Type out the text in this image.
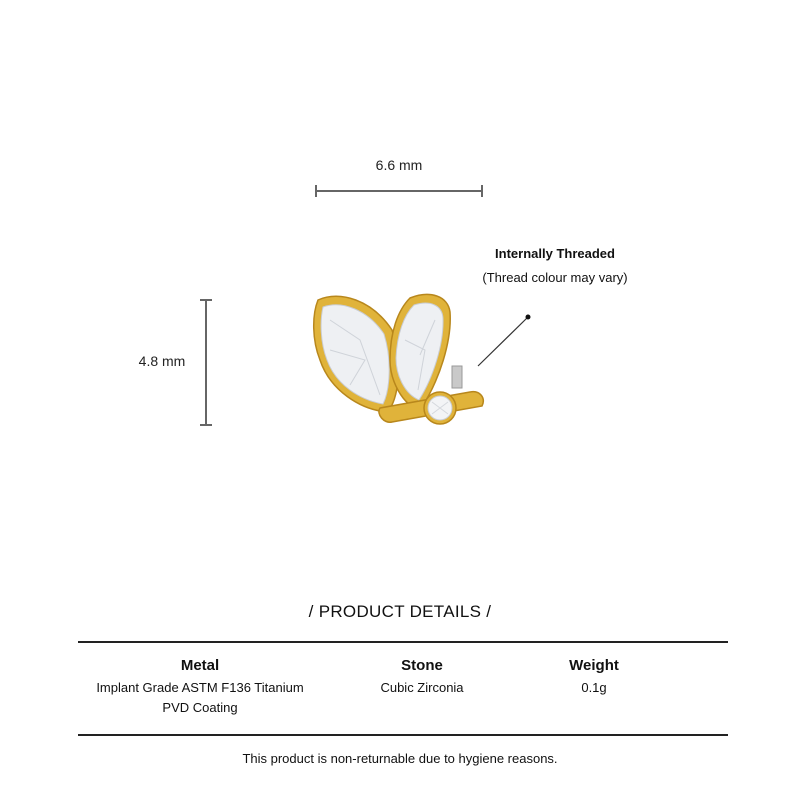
6.6 mm
4.8 mm
Internally Threaded
(Thread colour may vary)
/ PRODUCT DETAILS /
Metal
Implant Grade ASTM F136 Titanium
PVD Coating
Stone
Cubic Zirconia
Weight
0.1g
This product is non-returnable due to hygiene reasons.
